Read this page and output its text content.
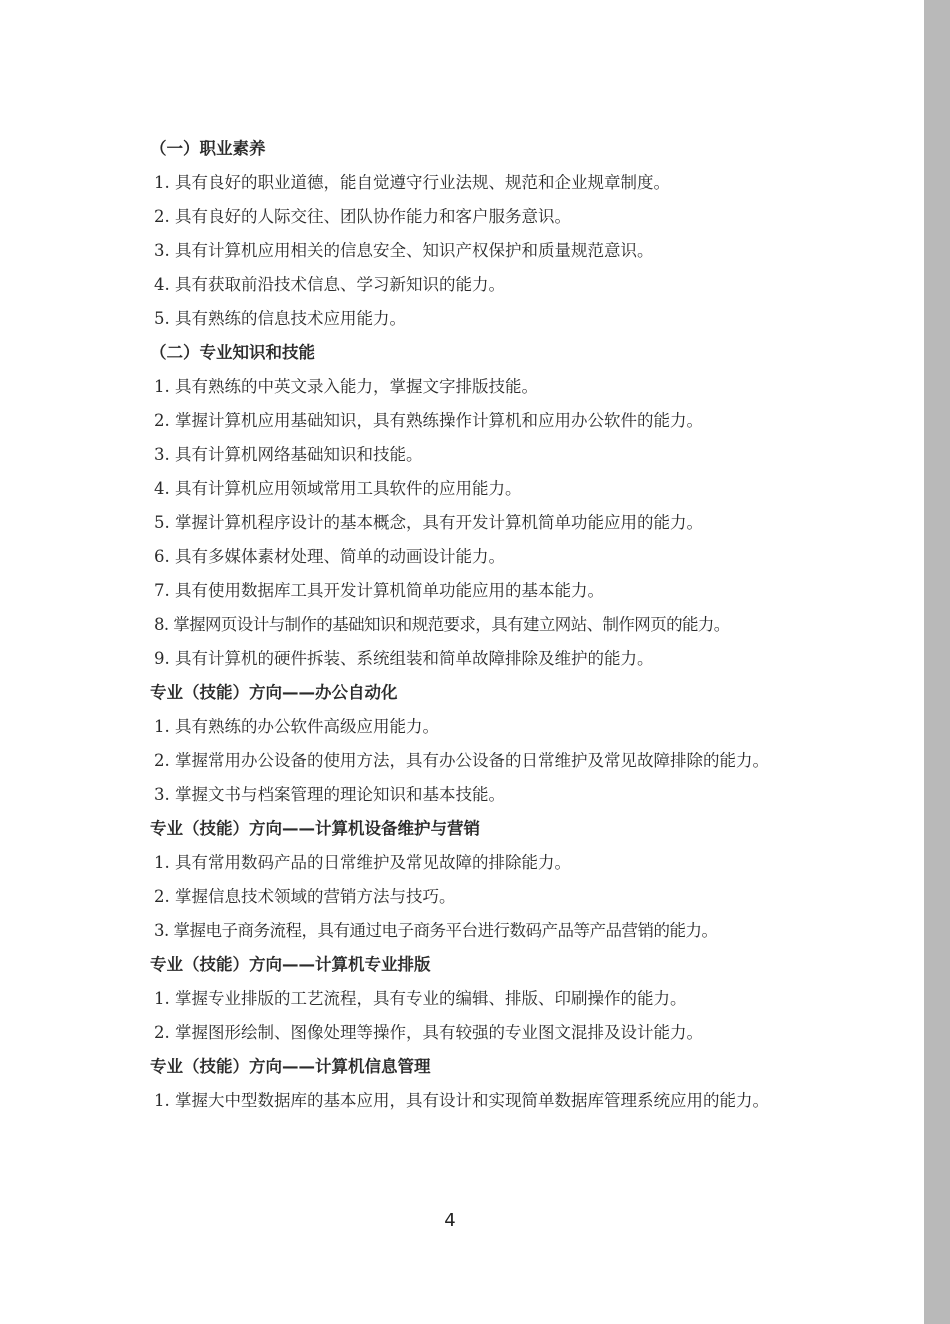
（一）职业素养
1. 具有良好的职业道德，能自觉遵守行业法规、规范和企业规章制度。
2. 具有良好的人际交往、团队协作能力和客户服务意识。
3. 具有计算机应用相关的信息安全、知识产权保护和质量规范意识。
4. 具有获取前沿技术信息、学习新知识的能力。
5. 具有熟练的信息技术应用能力。
（二）专业知识和技能
1. 具有熟练的中英文录入能力，掌握文字排版技能。
2. 掌握计算机应用基础知识，具有熟练操作计算机和应用办公软件的能力。
3. 具有计算机网络基础知识和技能。
4. 具有计算机应用领域常用工具软件的应用能力。
5. 掌握计算机程序设计的基本概念，具有开发计算机简单功能应用的能力。
6. 具有多媒体素材处理、简单的动画设计能力。
7. 具有使用数据库工具开发计算机简单功能应用的基本能力。
8. 掌握网页设计与制作的基础知识和规范要求，具有建立网站、制作网页的能力。
9. 具有计算机的硬件拆装、系统组装和简单故障排除及维护的能力。
专业（技能）方向——办公自动化
1. 具有熟练的办公软件高级应用能力。
2. 掌握常用办公设备的使用方法，具有办公设备的日常维护及常见故障排除的能力。
3. 掌握文书与档案管理的理论知识和基本技能。
专业（技能）方向——计算机设备维护与营销
1. 具有常用数码产品的日常维护及常见故障的排除能力。
2. 掌握信息技术领域的营销方法与技巧。
3. 掌握电子商务流程，具有通过电子商务平台进行数码产品等产品营销的能力。
专业（技能）方向——计算机专业排版
1. 掌握专业排版的工艺流程，具有专业的编辑、排版、印刷操作的能力。
2. 掌握图形绘制、图像处理等操作，具有较强的专业图文混排及设计能力。
专业（技能）方向——计算机信息管理
1. 掌握大中型数据库的基本应用，具有设计和实现简单数据库管理系统应用的能力。
4
